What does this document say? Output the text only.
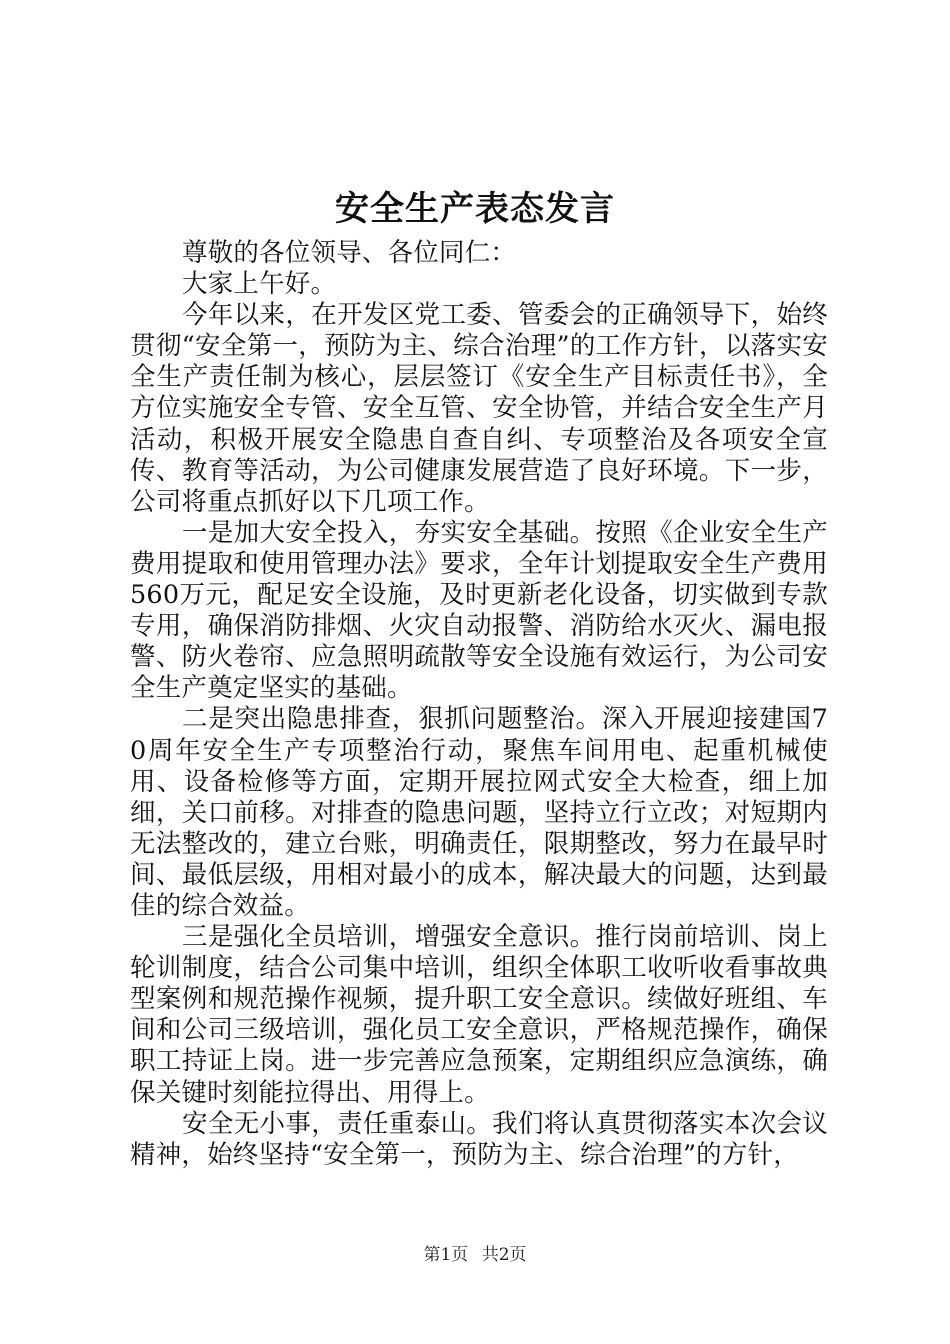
安全生产表态发言

尊敬的各位领导、各位同仁：

大家上午好。

今年以来，在开发区党工委、管委会的正确领导下，始终贯彻“安全第一，预防为主、综合治理”的工作方针，以落实安全生产责任制为核心，层层签订《安全生产目标责任书》，全方位实施安全专管、安全互管、安全协管，并结合安全生产月活动，积极开展安全隐患自查自纠、专项整治及各项安全宣传、教育等活动，为公司健康发展营造了良好环境。下一步，公司将重点抓好以下几项工作。

一是加大安全投入，夯实安全基础。按照《企业安全生产费用提取和使用管理办法》要求，全年计划提取安全生产费用560万元，配足安全设施，及时更新老化设备，切实做到专款专用，确保消防排烟、火灾自动报警、消防给水灭火、漏电报警、防火卷帘、应急照明疏散等安全设施有效运行，为公司安全生产奠定坚实的基础。

二是突出隐患排查，狠抓问题整治。深入开展迎接建国70周年安全生产专项整治行动，聚焦车间用电、起重机械使用、设备检修等方面，定期开展拉网式安全大检查，细上加细，关口前移。对排查的隐患问题，坚持立行立改；对短期内无法整改的，建立台账，明确责任，限期整改，努力在最早时间、最低层级，用相对最小的成本，解决最大的问题，达到最佳的综合效益。

三是强化全员培训，增强安全意识。推行岗前培训、岗上轮训制度，结合公司集中培训，组织全体职工收听收看事故典型案例和规范操作视频，提升职工安全意识。续做好班组、车间和公司三级培训，强化员工安全意识，严格规范操作，确保职工持证上岗。进一步完善应急预案，定期组织应急演练，确保关键时刻能拉得出、用得上。

安全无小事，责任重泰山。我们将认真贯彻落实本次会议精神，始终坚持“安全第一，预防为主、综合治理”的方针，

第1页 共2页
